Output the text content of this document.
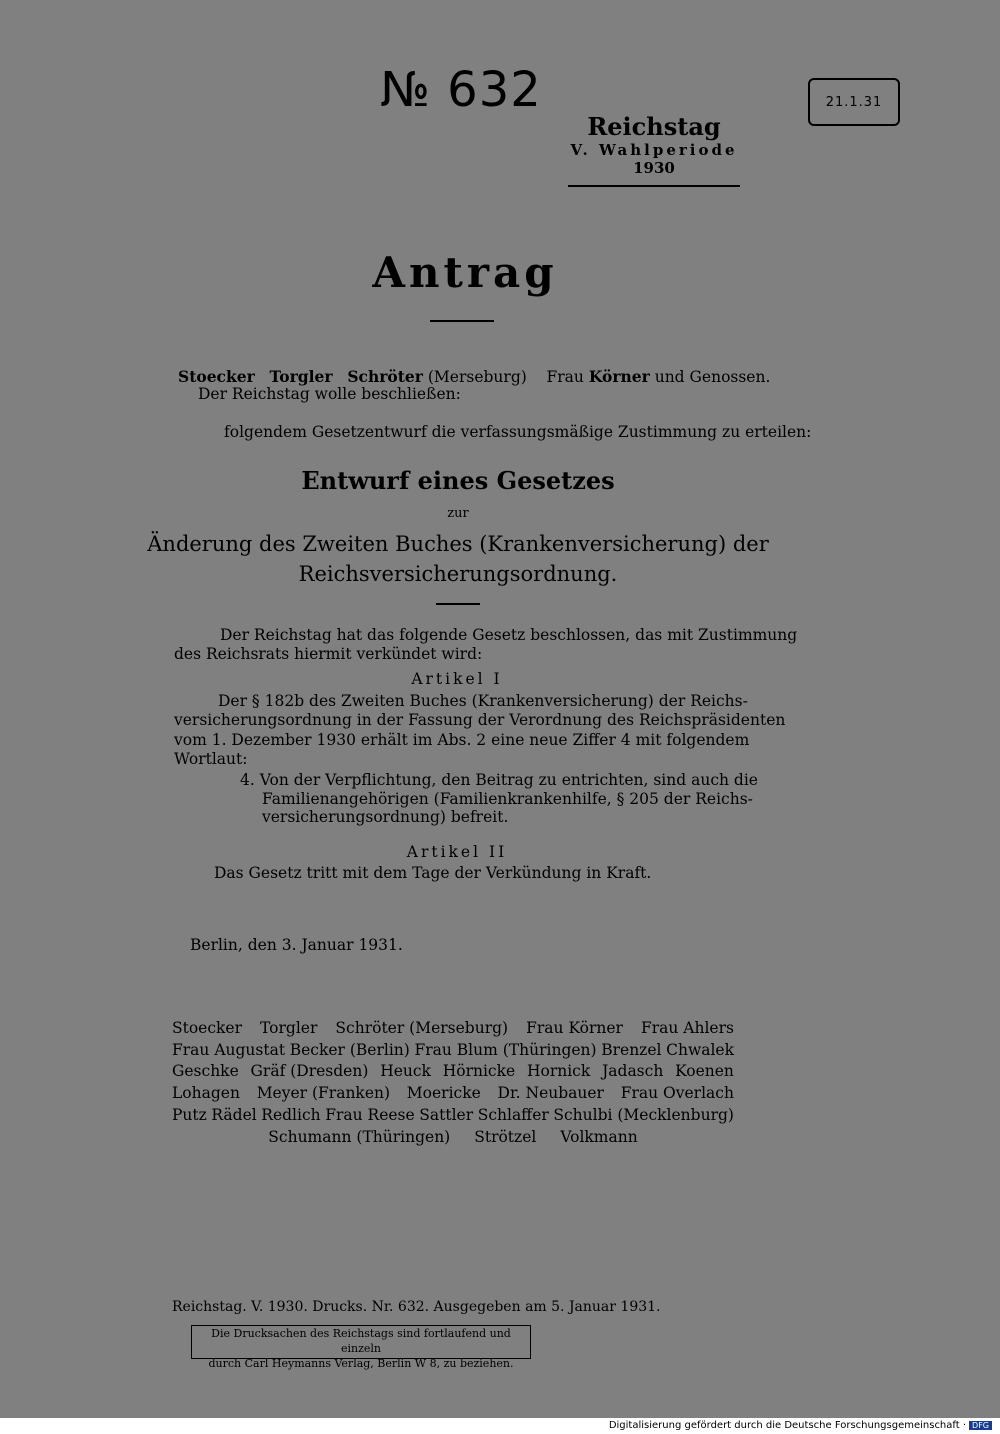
№ 632	21.1.31
Reichstag
V. Wahlperiode
1930
Antrag
Stoecker Torgler Schröter (Merseburg) Frau Körner und Genossen.
Der Reichstag wolle beschließen:
folgendem Gesetzentwurf die verfassungsmäßige Zustimmung zu erteilen:
Entwurf eines Gesetzes
zur
Änderung des Zweiten Buches (Krankenversicherung) der
Reichsversicherungsordnung.
Der Reichstag hat das folgende Gesetz beschlossen, das mit Zustimmung
des Reichsrats hiermit verkündet wird:
Artikel I
Der § 182b des Zweiten Buches (Krankenversicherung) der Reichs-
versicherungsordnung in der Fassung der Verordnung des Reichspräsidenten
vom 1. Dezember 1930 erhält im Abs. 2 eine neue Ziffer 4 mit folgendem
Wortlaut:
4. Von der Verpflichtung, den Beitrag zu entrichten, sind auch die
Familienangehörigen (Familienkrankenhilfe, § 205 der Reichs-
versicherungsordnung) befreit.
Artikel II
Das Gesetz tritt mit dem Tage der Verkündung in Kraft.
Berlin, den 3. Januar 1931.
Stoecker Torgler Schröter (Merseburg) Frau Körner Frau Ahlers
Frau Augustat Becker (Berlin) Frau Blum (Thüringen) Brenzel Chwalek
Geschke Gräf (Dresden) Heuck Hörnicke Hornick Jadasch Koenen
Lohagen Meyer (Franken) Moericke Dr. Neubauer Frau Overlach
Putz Rädel Redlich Frau Reese Sattler Schlaffer Schulbi (Mecklenburg)
Schumann (Thüringen) Strötzel Volkmann
Reichstag. V. 1930. Drucks. Nr. 632. Ausgegeben am 5. Januar 1931.
Die Drucksachen des Reichstags sind fortlaufend und einzeln
durch Carl Heymanns Verlag, Berlin W 8, zu beziehen.
Digitalisierung gefördert durch die Deutsche Forschungsgemeinschaft · DFG
